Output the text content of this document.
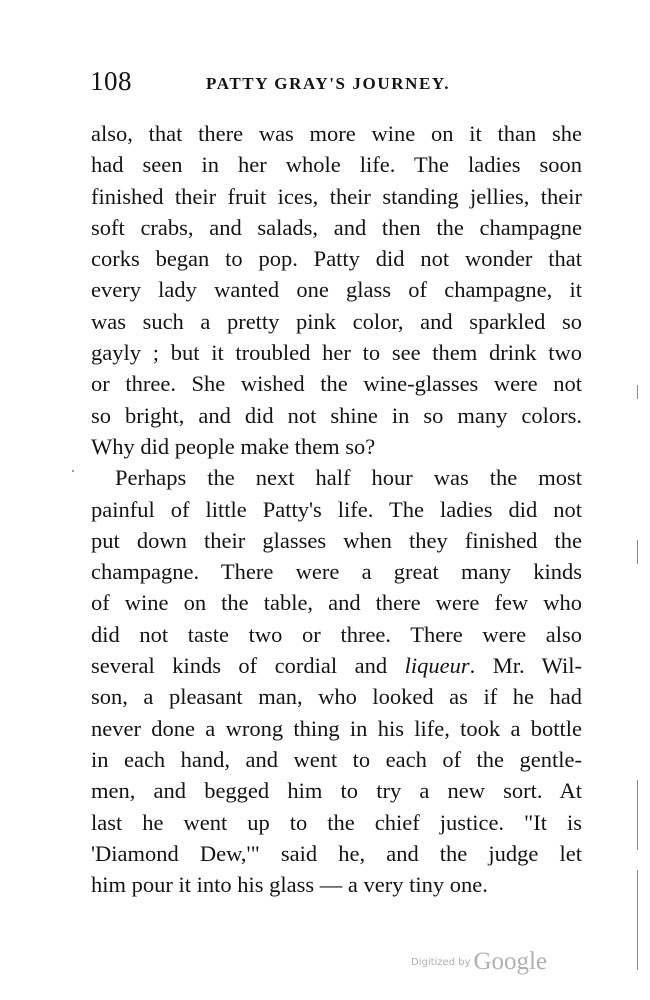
108	PATTY GRAY'S JOURNEY.
also, that there was more wine on it than she
had seen in her whole life. The ladies soon
finished their fruit ices, their standing jellies, their
soft crabs, and salads, and then the champagne
corks began to pop. Patty did not wonder that
every lady wanted one glass of champagne, it
was such a pretty pink color, and sparkled so
gayly ; but it troubled her to see them drink two
or three. She wished the wine-glasses were not
so bright, and did not shine in so many colors.
Why did people make them so?
Perhaps the next half hour was the most
painful of little Patty's life. The ladies did not
put down their glasses when they finished the
champagne. There were a great many kinds
of wine on the table, and there were few who
did not taste two or three. There were also
several kinds of cordial and liqueur. Mr. Wil-
son, a pleasant man, who looked as if he had
never done a wrong thing in his life, took a bottle
in each hand, and went to each of the gentle-
men, and begged him to try a new sort. At
last he went up to the chief justice. "It is
'Diamond Dew,'" said he, and the judge let
him pour it into his glass — a very tiny one.
Digitized by Google
